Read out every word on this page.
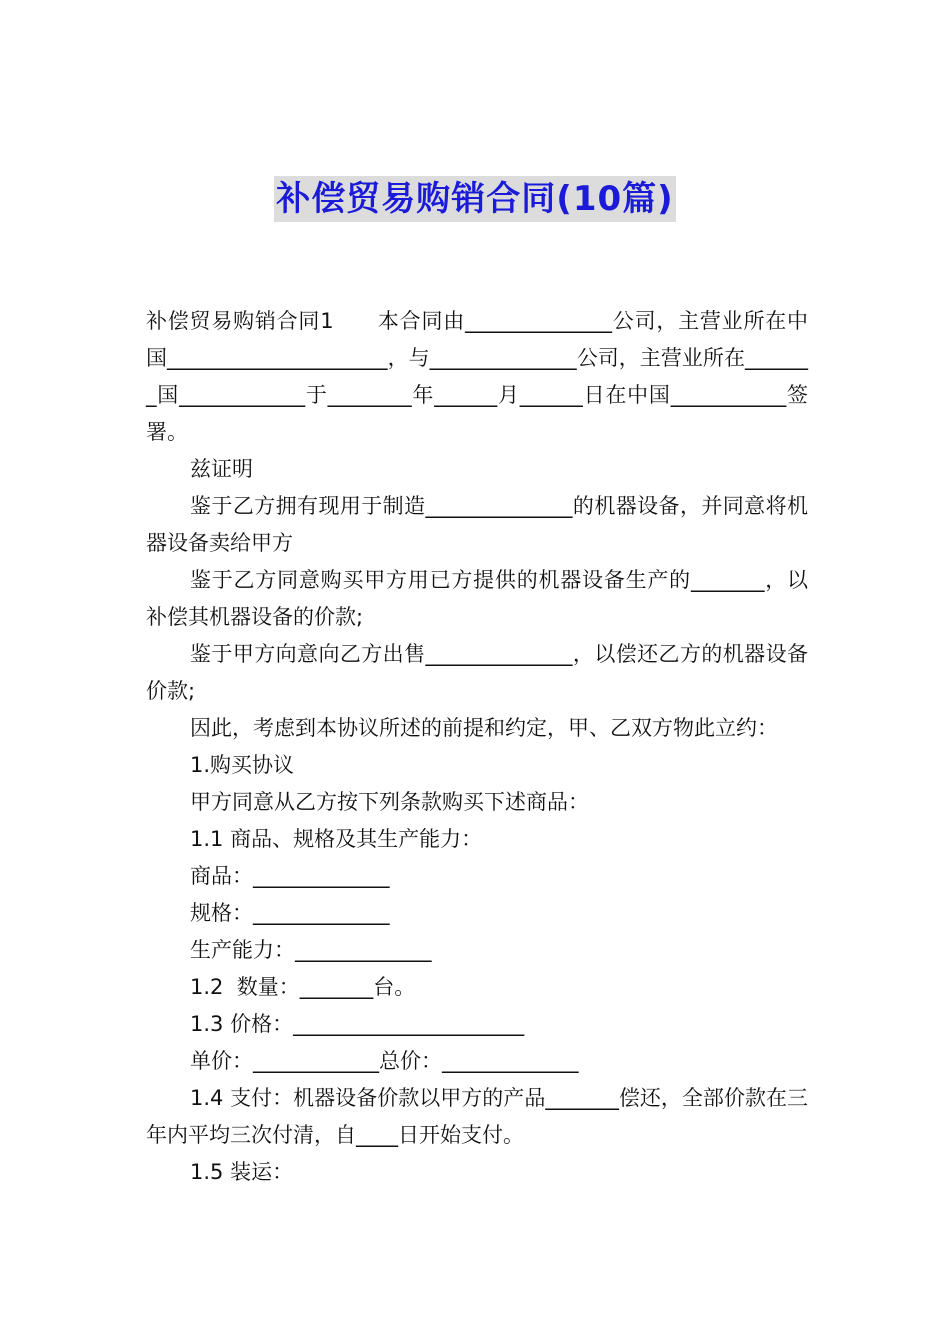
补偿贸易购销合同(10篇)

补偿贸易购销合同1　　本合同由______________公司，主营业所在中国_____________________，与______________公司，主营业所在_______国____________于________年______月______日在中国___________签署。

兹证明

鉴于乙方拥有现用于制造______________的机器设备，并同意将机器设备卖给甲方

鉴于乙方同意购买甲方用已方提供的机器设备生产的_______，以补偿其机器设备的价款;

鉴于甲方向意向乙方出售______________，以偿还乙方的机器设备价款;

因此，考虑到本协议所述的前提和约定，甲、乙双方物此立约：

1.购买协议

甲方同意从乙方按下列条款购买下述商品：

1.1 商品、规格及其生产能力：

商品：_____________

规格：_____________

生产能力：_____________

1.2  数量：_______台。

1.3 价格：______________________

单价：____________总价：_____________

1.4 支付：机器设备价款以甲方的产品_______偿还，全部价款在三年内平均三次付清，自____日开始支付。

1.5 装运：
